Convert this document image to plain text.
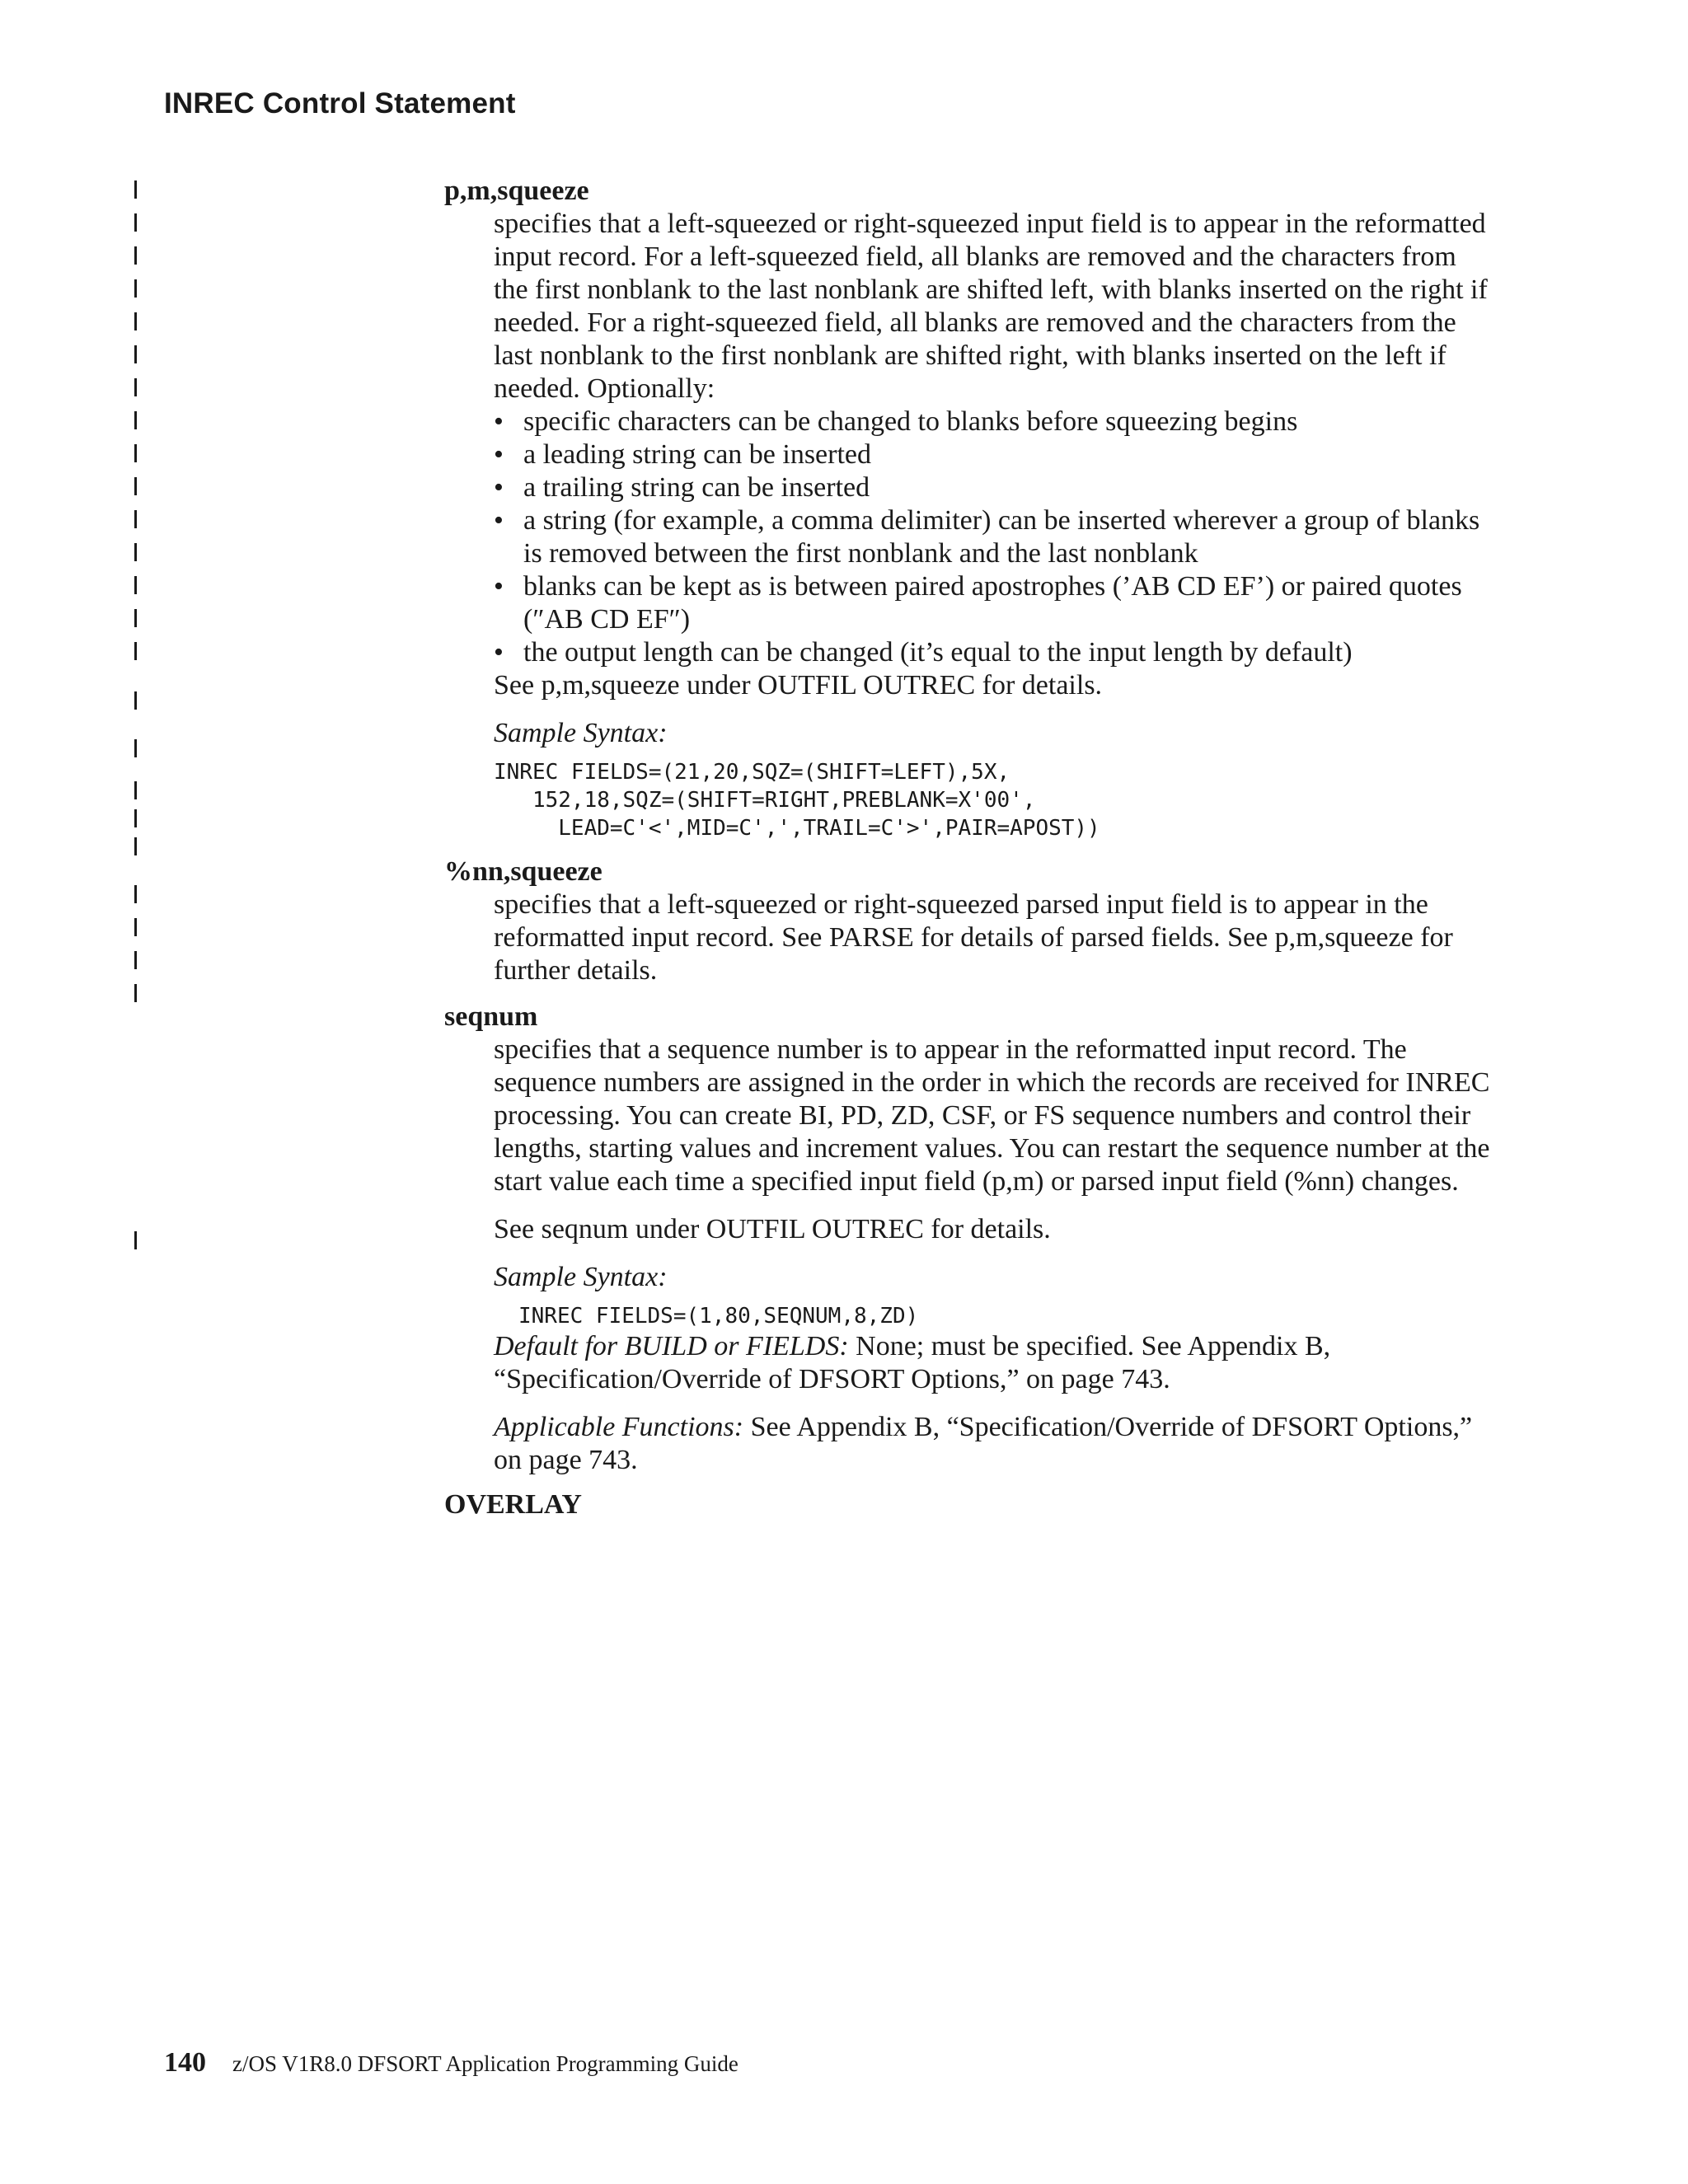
INREC Control Statement

p,m,squeeze

specifies that a left-squeezed or right-squeezed input field is to appear in the reformatted input record. For a left-squeezed field, all blanks are removed and the characters from the first nonblank to the last nonblank are shifted left, with blanks inserted on the right if needed. For a right-squeezed field, all blanks are removed and the characters from the last nonblank to the first nonblank are shifted right, with blanks inserted on the left if needed. Optionally:

• specific characters can be changed to blanks before squeezing begins
• a leading string can be inserted
• a trailing string can be inserted
• a string (for example, a comma delimiter) can be inserted wherever a group of blanks is removed between the first nonblank and the last nonblank
• blanks can be kept as is between paired apostrophes (’AB CD EF’) or paired quotes (″AB CD EF″)
• the output length can be changed (it’s equal to the input length by default)

See p,m,squeeze under OUTFIL OUTREC for details.

Sample Syntax:

INREC FIELDS=(21,20,SQZ=(SHIFT=LEFT),5X,
152,18,SQZ=(SHIFT=RIGHT,PREBLANK=X'00',
LEAD=C'<',MID=C',',TRAIL=C'>',PAIR=APOST))

%nn,squeeze

specifies that a left-squeezed or right-squeezed parsed input field is to appear in the reformatted input record. See PARSE for details of parsed fields. See p,m,squeeze for further details.

seqnum

specifies that a sequence number is to appear in the reformatted input record. The sequence numbers are assigned in the order in which the records are received for INREC processing. You can create BI, PD, ZD, CSF, or FS sequence numbers and control their lengths, starting values and increment values. You can restart the sequence number at the start value each time a specified input field (p,m) or parsed input field (%nn) changes.

See seqnum under OUTFIL OUTREC for details.

Sample Syntax:

INREC FIELDS=(1,80,SEQNUM,8,ZD)

Default for BUILD or FIELDS: None; must be specified. See Appendix B, “Specification/Override of DFSORT Options,” on page 743.

Applicable Functions: See Appendix B, “Specification/Override of DFSORT Options,” on page 743.

OVERLAY

140 z/OS V1R8.0 DFSORT Application Programming Guide
